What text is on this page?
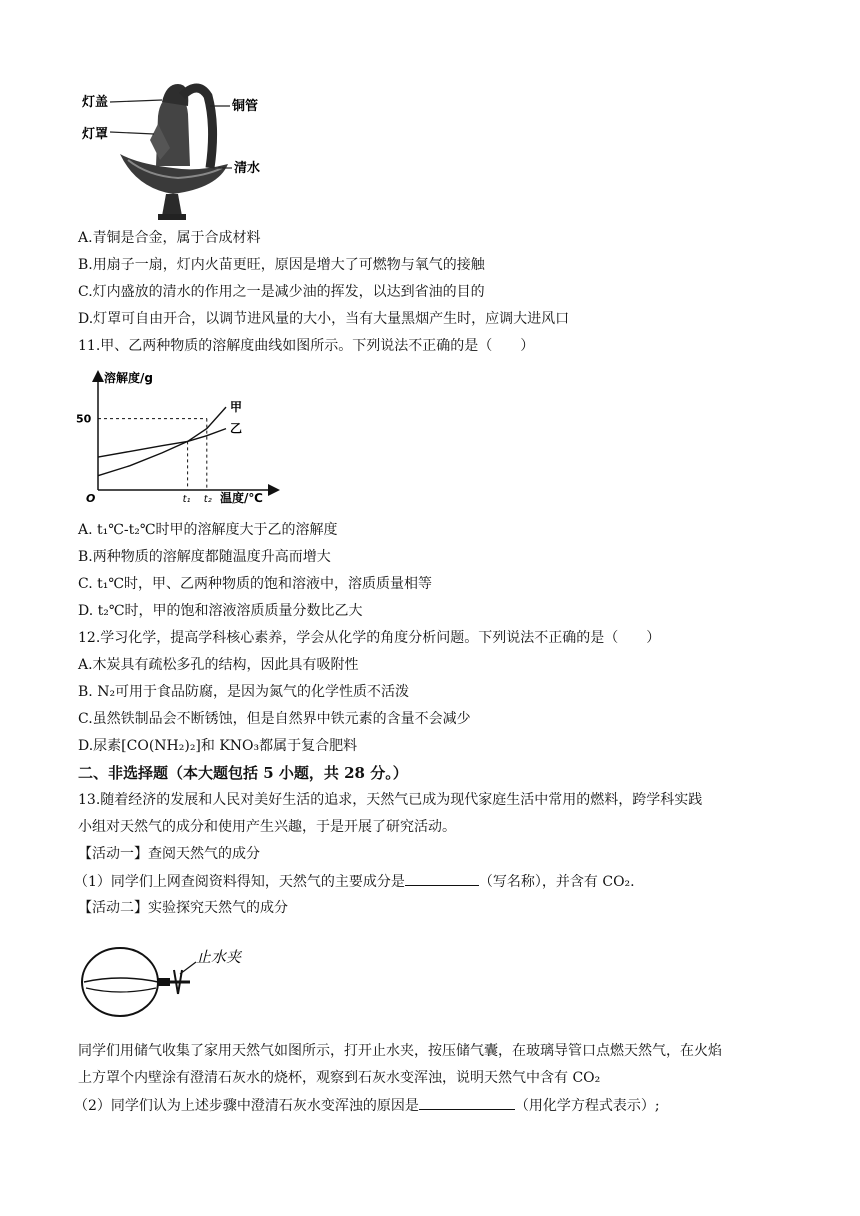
灯盖
灯罩
铜管
清水
A.青铜是合金，属于合成材料
B.用扇子一扇，灯内火苗更旺，原因是增大了可燃物与氧气的接触
C.灯内盛放的清水的作用之一是减少油的挥发，以达到省油的目的
D.灯罩可自由开合，以调节进风量的大小，当有大量黑烟产生时，应调大进风口
11.甲、乙两种物质的溶解度曲线如图所示。下列说法不正确的是（　　）
甲
乙
50
t₁ t₂
O
溶解度/g
温度/℃
A. t₁℃-t₂℃时甲的溶解度大于乙的溶解度
B.两种物质的溶解度都随温度升高而增大
C. t₁℃时，甲、乙两种物质的饱和溶液中，溶质质量相等
D. t₂℃时，甲的饱和溶液溶质质量分数比乙大
12.学习化学，提高学科核心素养，学会从化学的角度分析问题。下列说法不正确的是（　　）
A.木炭具有疏松多孔的结构，因此具有吸附性
B. N₂可用于食品防腐，是因为氮气的化学性质不活泼
C.虽然铁制品会不断锈蚀，但是自然界中铁元素的含量不会减少
D.尿素[CO(NH₂)₂]和 KNO₃都属于复合肥料
二、非选择题（本大题包括 5 小题，共 28 分。）
13.随着经济的发展和人民对美好生活的追求，天然气已成为现代家庭生活中常用的燃料，跨学科实践
小组对天然气的成分和使用产生兴趣，于是开展了研究活动。
【活动一】查阅天然气的成分
（1）同学们上网查阅资料得知，天然气的主要成分是	（写名称），并含有 CO₂.
【活动二】实验探究天然气的成分
止水夹
同学们用储气收集了家用天然气如图所示，打开止水夹，按压储气囊，在玻璃导管口点燃天然气，在火焰
上方罩个内壁涂有澄清石灰水的烧杯，观察到石灰水变浑浊，说明天然气中含有 CO₂
（2）同学们认为上述步骤中澄清石灰水变浑浊的原因是	（用化学方程式表示）;
